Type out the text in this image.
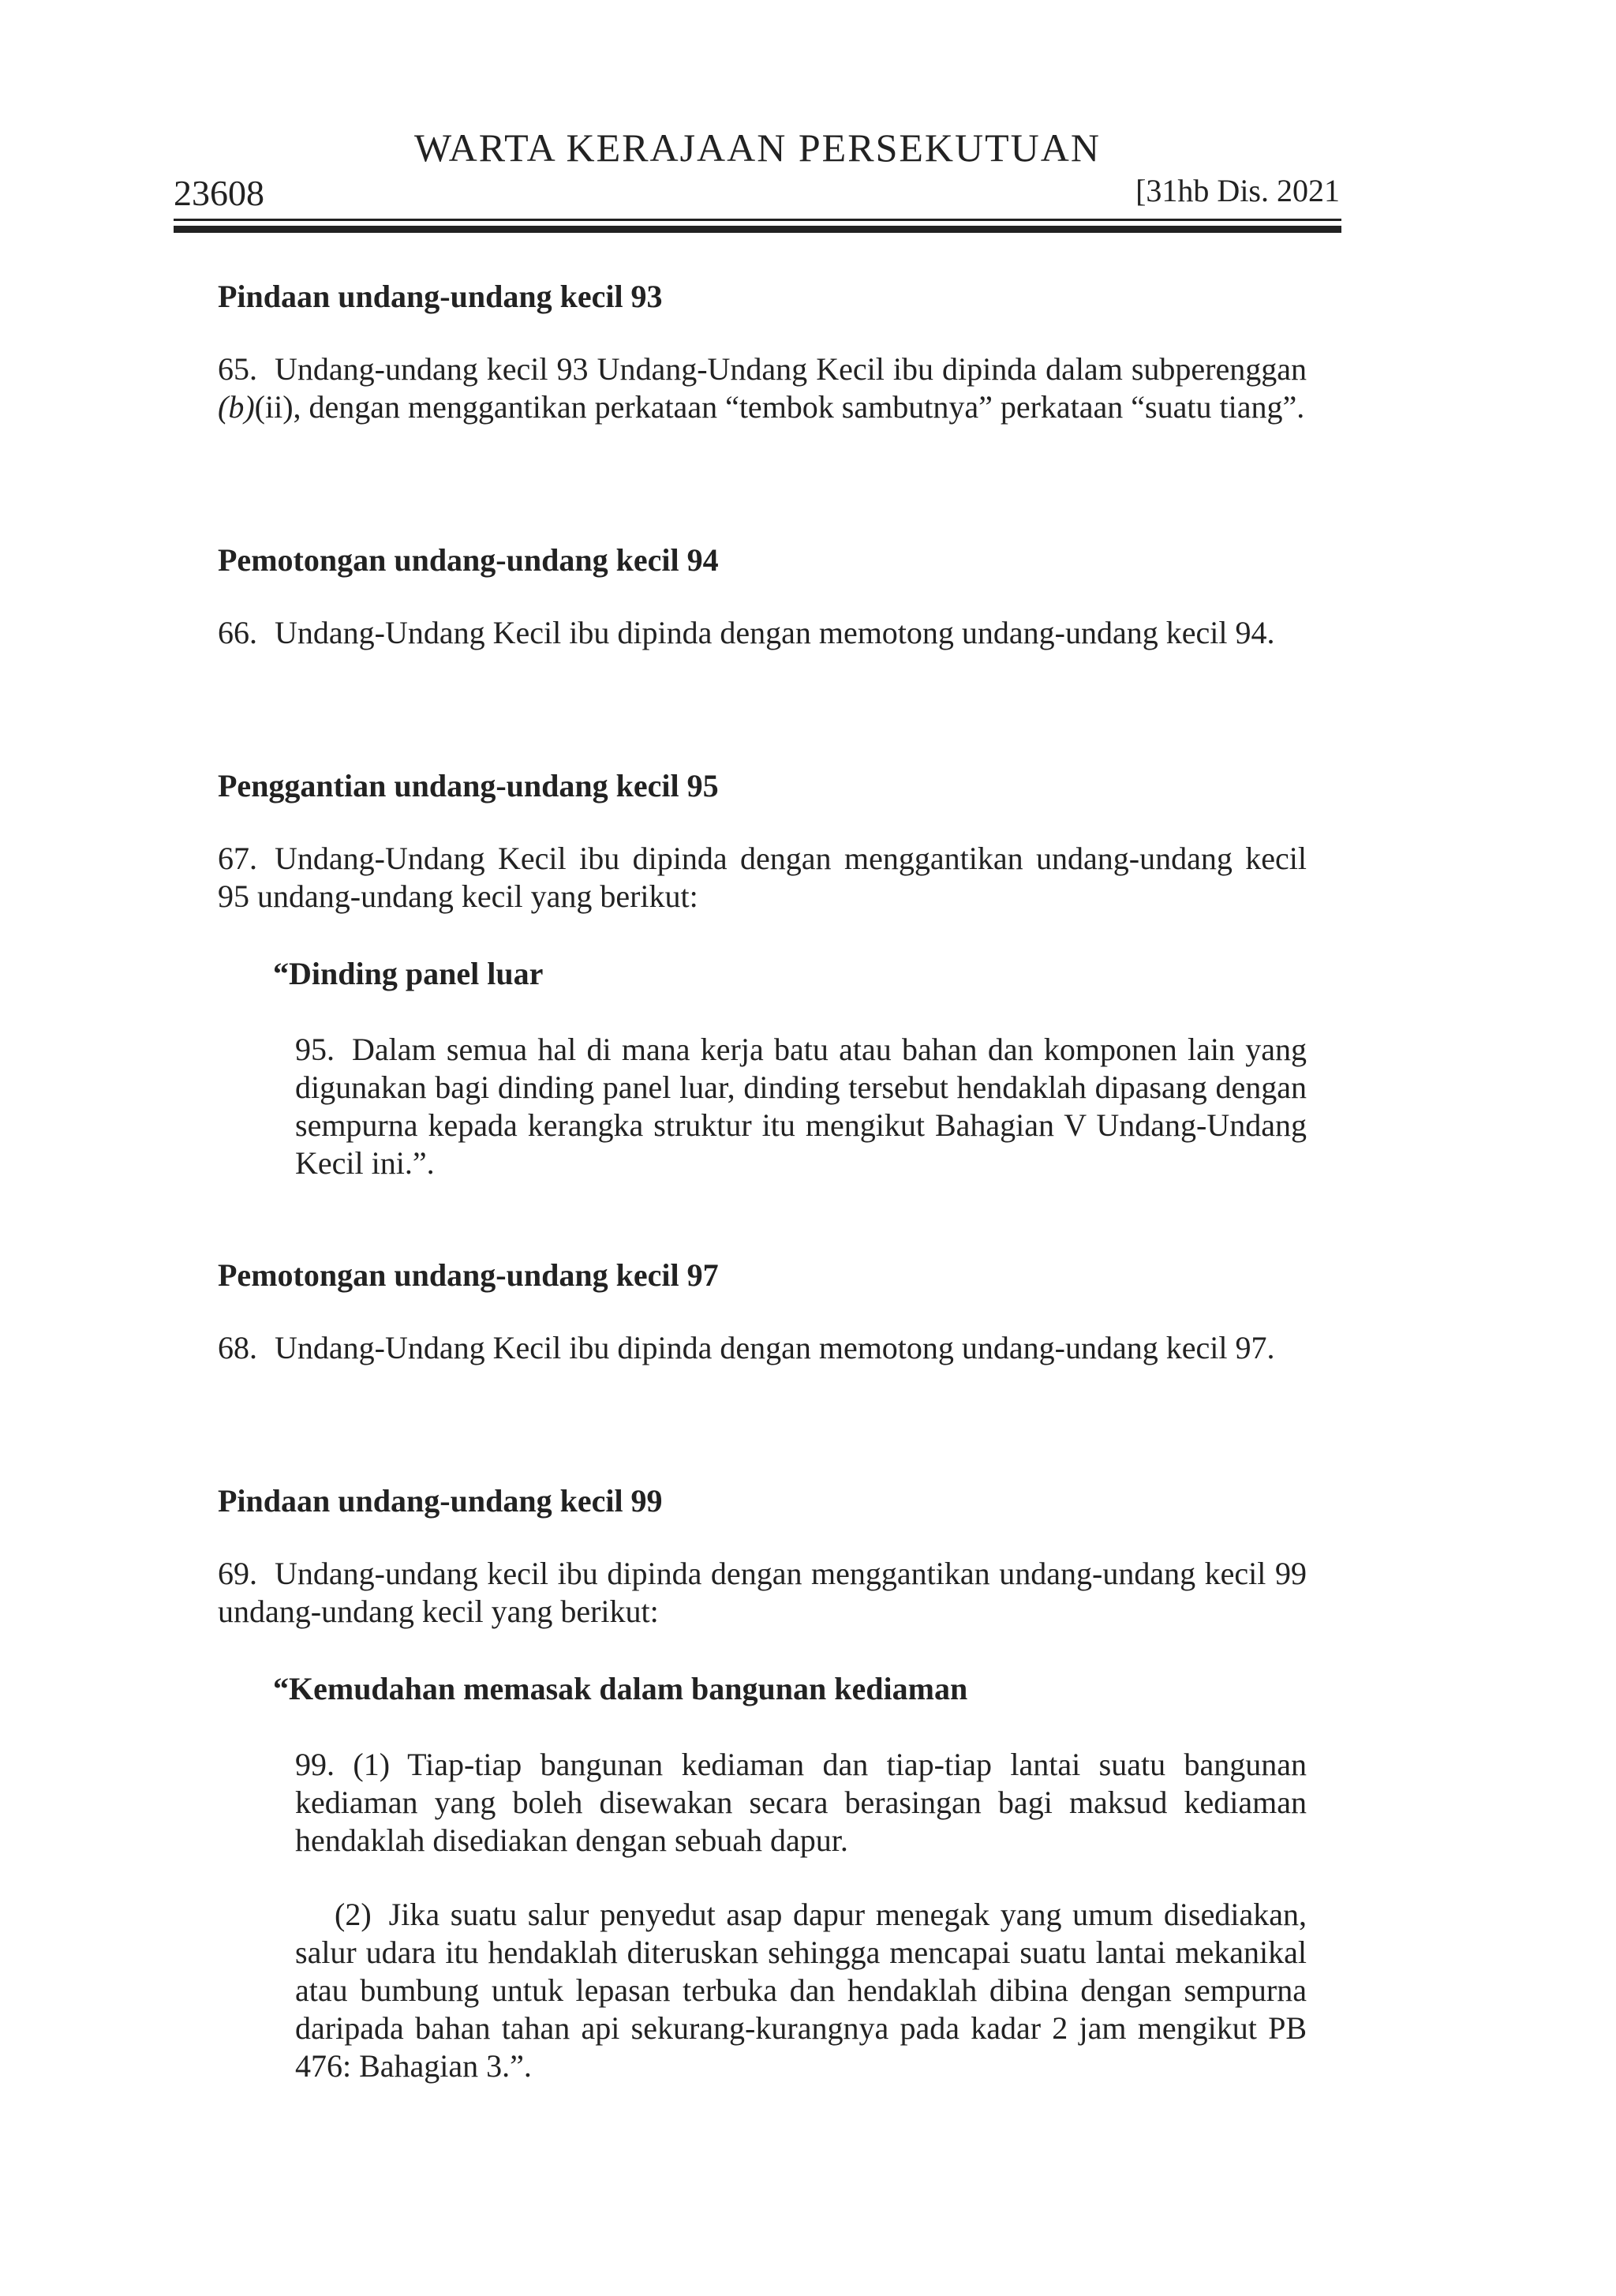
WARTA KERAJAAN PERSEKUTUAN
23608	[31hb Dis. 2021
Pindaan undang-undang kecil 93
65. Undang-undang kecil 93 Undang-Undang Kecil ibu dipinda dalam subperenggan (b)(ii), dengan menggantikan perkataan “tembok sambutnya” perkataan “suatu tiang”.
Pemotongan undang-undang kecil 94
66. Undang-Undang Kecil ibu dipinda dengan memotong undang-undang kecil 94.
Penggantian undang-undang kecil 95
67. Undang-Undang Kecil ibu dipinda dengan menggantikan undang-undang kecil 95 undang-undang kecil yang berikut:
“Dinding panel luar
95. Dalam semua hal di mana kerja batu atau bahan dan komponen lain yang digunakan bagi dinding panel luar, dinding tersebut hendaklah dipasang dengan sempurna kepada kerangka struktur itu mengikut Bahagian V Undang-Undang Kecil ini.”.
Pemotongan undang-undang kecil 97
68. Undang-Undang Kecil ibu dipinda dengan memotong undang-undang kecil 97.
Pindaan undang-undang kecil 99
69. Undang-undang kecil ibu dipinda dengan menggantikan undang-undang kecil 99 undang-undang kecil yang berikut:
“Kemudahan memasak dalam bangunan kediaman
99. (1) Tiap-tiap bangunan kediaman dan tiap-tiap lantai suatu bangunan kediaman yang boleh disewakan secara berasingan bagi maksud kediaman hendaklah disediakan dengan sebuah dapur.
(2) Jika suatu salur penyedut asap dapur menegak yang umum disediakan, salur udara itu hendaklah diteruskan sehingga mencapai suatu lantai mekanikal atau bumbung untuk lepasan terbuka dan hendaklah dibina dengan sempurna daripada bahan tahan api sekurang-kurangnya pada kadar 2 jam mengikut PB 476: Bahagian 3.”.
